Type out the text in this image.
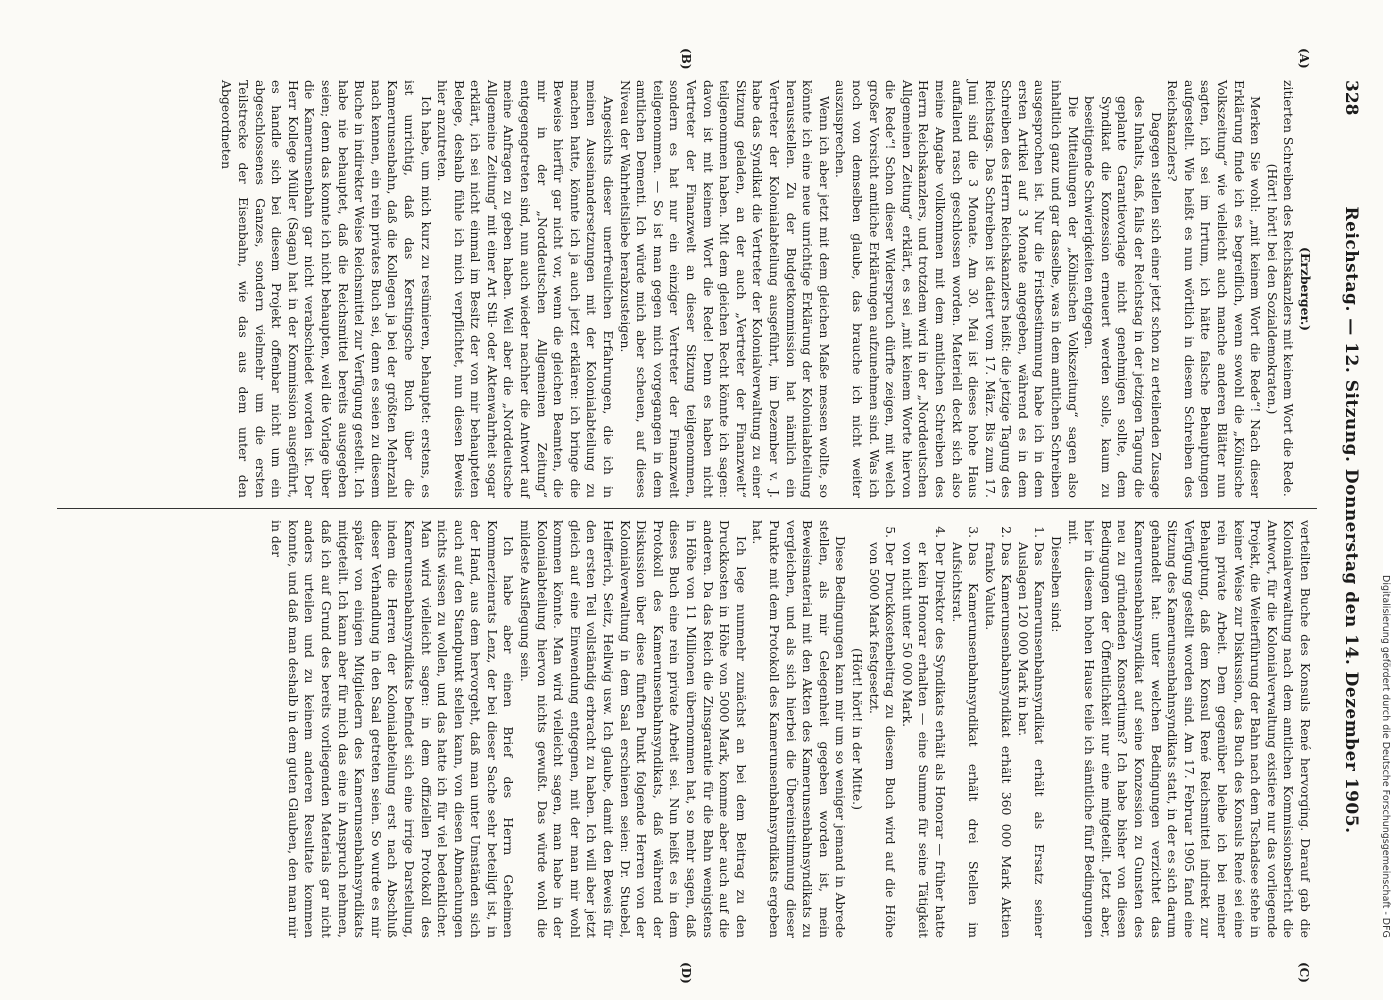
328
Reichstag. — 12. Sitzung. Donnerstag den 14. Dezember 1905.
(A)
(B)
(C)
(D)

(Erzberger.)

zitierten Schreiben des Reichskanzlers mit keinem Wort die Rede.

(Hört! hört! bei den Sozialdemokraten.)

Merken Sie wohl: „mit keinem Wort die Rede“! Nach dieser Erklärung finde ich es begreiflich, wenn sowohl die „Kölnische Volkszeitung“ wie vielleicht auch manche anderen Blätter nun sagten, ich sei im Irrtum, ich hätte falsche Behauptungen aufgestellt. Wie heißt es nun wörtlich in diesem Schreiben des Reichskanzlers?

Dagegen stellen sich einer jetzt schon zu erteilenden Zusage des Inhalts, daß, falls der Reichstag in der jetzigen Tagung die geplante Garantievorlage nicht genehmigen sollte, dem Syndikat die Konzession erneuert werden solle, kaum zu beseitigende Schwierigkeiten entgegen.

Die Mitteilungen der „Kölnischen Volkszeitung“ sagen also inhaltlich ganz und gar dasselbe, was in dem amtlichen Schreiben ausgesprochen ist. Nur die Fristbestimmung habe ich in dem ersten Artikel auf 3 Monate angegeben, während es in dem Schreiben des Herrn Reichskanzlers heißt: die jetzige Tagung des Reichstags. Das Schreiben ist datiert vom 17. März. Bis zum 17. Juni sind die 3 Monate. Am 30. Mai ist dieses hohe Haus auffallend rasch geschlossen worden. Materiell deckt sich also meine Angabe vollkommen mit dem amtlichen Schreiben des Herrn Reichskanzlers, und trotzdem wird in der „Norddeutschen Allgemeinen Zeitung“ erklärt, es sei „mit keinem Worte hiervon die Rede“! Schon dieser Widerspruch dürfte zeigen, mit welch großer Vorsicht amtliche Erklärungen aufzunehmen sind. Was ich noch von demselben glaube, das brauche ich nicht weiter auszusprechen.

Wenn ich aber jetzt mit dem gleichen Maße messen wollte, so könnte ich eine neue unrichtige Erklärung der Kolonialabteilung herausstellen. Zu der Budgetkommission hat nämlich ein Vertreter der Kolonialabteilung ausgeführt, im Dezember v. J. habe das Syndikat die Vertreter der Kolonialverwaltung zu einer Sitzung geladen, an der auch „Vertreter der Finanzwelt“ teilgenommen haben. Mit dem gleichen Recht könnte ich sagen: davon ist mit keinem Wort die Rede! Denn es haben nicht Vertreter der Finanzwelt an dieser Sitzung teilgenommen, sondern es hat nur ein einziger Vertreter der Finanzwelt teilgenommen. — So ist man gegen mich vorgegangen in dem amtlichen Dementi. Ich würde mich aber scheuen, auf dieses Niveau der Wahrheitsliebe herabzusteigen.

Angesichts dieser unerfreulichen Erfahrungen, die ich in meinen Auseinandersetzungen mit der Kolonialabteilung zu machen hatte, könnte ich ja auch jetzt erklären: ich bringe die Beweise hierfür gar nicht vor, wenn die gleichen Beamten, die mir in der „Norddeutschen Allgemeinen Zeitung“ entgegengetreten sind, nun auch wieder nachher die Antwort auf meine Anfragen zu geben haben. Weil aber die „Norddeutsche Allgemeine Zeitung“ mit einer Art Stil- oder Aktenwahrheit sogar erklärt, ich sei nicht einmal im Besitz der von mir behaupteten Belege, deshalb fühle ich mich verpflichtet, nun diesen Beweis hier anzutreten.

Ich habe, um mich kurz zu resümieren, behauptet: erstens, es ist unrichtig, daß das Kerstingsche Buch über die Kamerunsenbahn, daß die Kollegen ja bei der größten Mehrzahl nach kennen, ein rein privates Buch sei, denn es seien zu diesem Buche in indirekter Weise Reichsmittel zur Verfügung gestellt. Ich habe nie behauptet, daß die Reichsmittel bereits ausgegeben seien; denn das konnte ich nicht behaupten, weil die Vorlage über die Kamerunsenbahn gar nicht verabschiedet worden ist. Der Herr Kollege Müller (Sagan) hat in der Kommission ausgeführt, es handle sich bei diesem Projekt offenbar nicht um ein abgeschlossenes Ganzes, sondern vielmehr um die ersten Teilstrecke der Eisenbahn, wie das aus dem unter den Abgeordneten

verteilten Buche des Konsuls René hervorging. Darauf gab die Kolonialverwaltung nach dem amtlichen Kommissionsbericht die Antwort, für die Kolonialverwaltung existiere nur das vorliegende Projekt, die Weiterführung der Bahn nach dem Tschadsee stehe in keiner Weise zur Diskussion, das Buch des Konsuls René sei eine rein private Arbeit. Dem gegenüber bleibe ich bei meiner Behauptung, daß dem Konsul René Reichsmittel indirekt zur Verfügung gestellt worden sind. Am 17. Februar 1905 fand eine Sitzung des Kamerunsenbahnsyndikats statt, in der es sich darum gehandelt hat: unter welchen Bedingungen verzichtet das Kamerunsenbahnsyndikat auf seine Konzession zu Gunsten des neu zu gründenden Konsortiums? Ich habe bisher von diesen Bedingungen der Öffentlichkeit nur eine mitgeteilt. Jetzt aber, hier in diesem hohen Hause teile ich sämtliche fünf Bedingungen mit.

Dieselben sind:

1. Das Kamerunsenbahnsyndikat erhält als Ersatz seiner Auslagen 120 000 Mark in bar.
2. Das Kamerunsenbahnsyndikat erhält 360 000 Mark Aktien franko Valuta.
3. Das Kamerunsenbahnsyndikat erhält drei Stellen im Aufsichtsrat.
4. Der Direktor des Syndikats erhält als Honorar — früher hatte er kein Honorar erhalten — eine Summe für seine Tätigkeit von nicht unter 50 000 Mark.
5. Der Druckkostenbeitrag zu diesem Buch wird auf die Höhe von 5000 Mark festgesetzt.

(Hört! hört! in der Mitte.)

Diese Bedingungen kann mir um so weniger jemand in Abrede stellen, als mir Gelegenheit gegeben worden ist, mein Beweismaterial mit den Akten des Kamerunsenbahnsyndikats zu vergleichen, und als sich hierbei die Übereinstimmung dieser Punkte mit dem Protokoll des Kamerunsenbahnsyndikats ergeben hat.

Ich lege nunmehr zunächst an bei dem Beitrag zu den Druckkosten in Höhe von 5000 Mark, komme aber auch auf die anderen. Da das Reich die Zinsgarantie für die Bahn wenigstens in Höhe von 11 Millionen übernommen hat, so mehr sagen, daß dieses Buch eine rein private Arbeit sei. Nun heißt es in dem Protokoll des Kamerunsenbahnsyndikats, daß während der Diskussion über diese fünften Punkt folgende Herren von der Kolonialverwaltung in dem Saal erschienen seien: Dr. Stuebel, Helfferich, Seitz, Hellwig usw. Ich glaube, damit den Beweis für den ersten Teil vollständig erbracht zu haben. Ich will aber jetzt gleich auf eine Einwendung entgegnen, mit der man mir wohl kommen könnte. Man wird vielleicht sagen, man habe in der Kolonialabteilung hiervon nichts gewußt. Das würde wohl die mildeste Ausflegung sein.

Ich habe aber einen Brief des Herrn Geheimen Kommerzienrats Lenz, der bei dieser Sache sehr beteiligt ist, in der Hand, aus dem hervorgeht, daß man unter Umständen sich auch auf den Standpunkt stellen kann, von diesen Abmachungen nichts wissen zu wollen, und das hatte ich für viel bedenklicher. Man wird vielleicht sagen: in dem offiziellen Protokoll des Kamerunsenbahnsyndikats befindet sich eine irrige Darstellung, indem die Herren der Kolonialabteilung erst nach Abschluß dieser Verhandlung in den Saal getreten seien. So wurde es mir später von einigen Mitgliedern des Kamerunsenbahnsyndikats mitgeteilt. Ich kann aber für mich das eine in Anspruch nehmen, daß ich auf Grund des bereits vorliegenden Materials gar nicht anders urteilen und zu keinem anderen Resultate kommen konnte, und daß man deshalb in dem guten Glauben, den man mir in der

Digitalisierung gefördert durch die Deutsche Forschungsgemeinschaft - DFG
